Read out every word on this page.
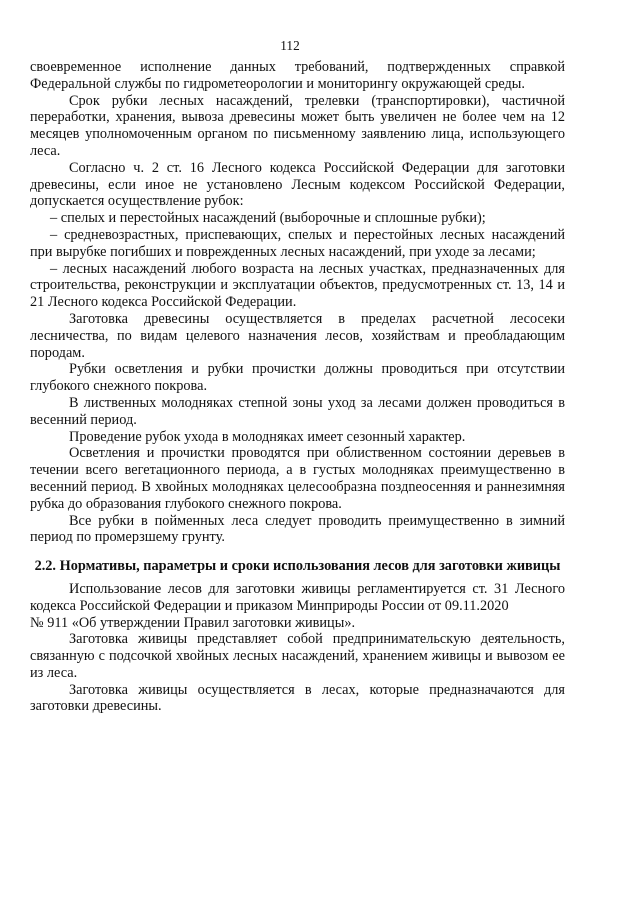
112

своевременное исполнение данных требований, подтвержденных справкой Федеральной службы по гидрометеорологии и мониторингу окружающей среды.

Срок рубки лесных насаждений, трелевки (транспортировки), частичной переработки, хранения, вывоза древесины может быть увеличен не более чем на 12 месяцев уполномоченным органом по письменному заявлению лица, использующего леса.

Согласно ч. 2 ст. 16 Лесного кодекса Российской Федерации для заготовки древесины, если иное не установлено Лесным кодексом Российской Федерации, допускается осуществление рубок:

– спелых и перестойных насаждений (выборочные и сплошные рубки);

– средневозрастных, приспевающих, спелых и перестойных лесных насаждений при вырубке погибших и поврежденных лесных насаждений, при уходе за лесами;

– лесных насаждений любого возраста на лесных участках, предназначенных для строительства, реконструкции и эксплуатации объектов, предусмотренных ст. 13, 14 и 21 Лесного кодекса Российской Федерации.

Заготовка древесины осуществляется в пределах расчетной лесосеки лесничества, по видам целевого назначения лесов, хозяйствам и преобладающим породам.

Рубки осветления и рубки прочистки должны проводиться при отсутствии глубокого снежного покрова.

В лиственных молодняках степной зоны уход за лесами должен проводиться в весенний период.

Проведение рубок ухода в молодняках имеет сезонный характер.

Осветления и прочистки проводятся при облиственном состоянии деревьев в течении всего вегетационного периода, а в густых молодняках преимущественно в весенний период. В хвойных молодняках целесообразна поздneосенняя и раннезимняя рубка до образования глубокого снежного покрова.

Все рубки в пойменных леса следует проводить преимущественно в зимний период по промерзшему грунту.

2.2. Нормативы, параметры и сроки использования лесов для заготовки живицы

Использование лесов для заготовки живицы регламентируется ст. 31 Лесного кодекса Российской Федерации и приказом Минприроды России от 09.11.2020

№ 911 «Об утверждении Правил заготовки живицы».

Заготовка живицы представляет собой предпринимательскую деятельность, связанную с подсочкой хвойных лесных насаждений, хранением живицы и вывозом ее из леса.

Заготовка живицы осуществляется в лесах, которые предназначаются для заготовки древесины.
